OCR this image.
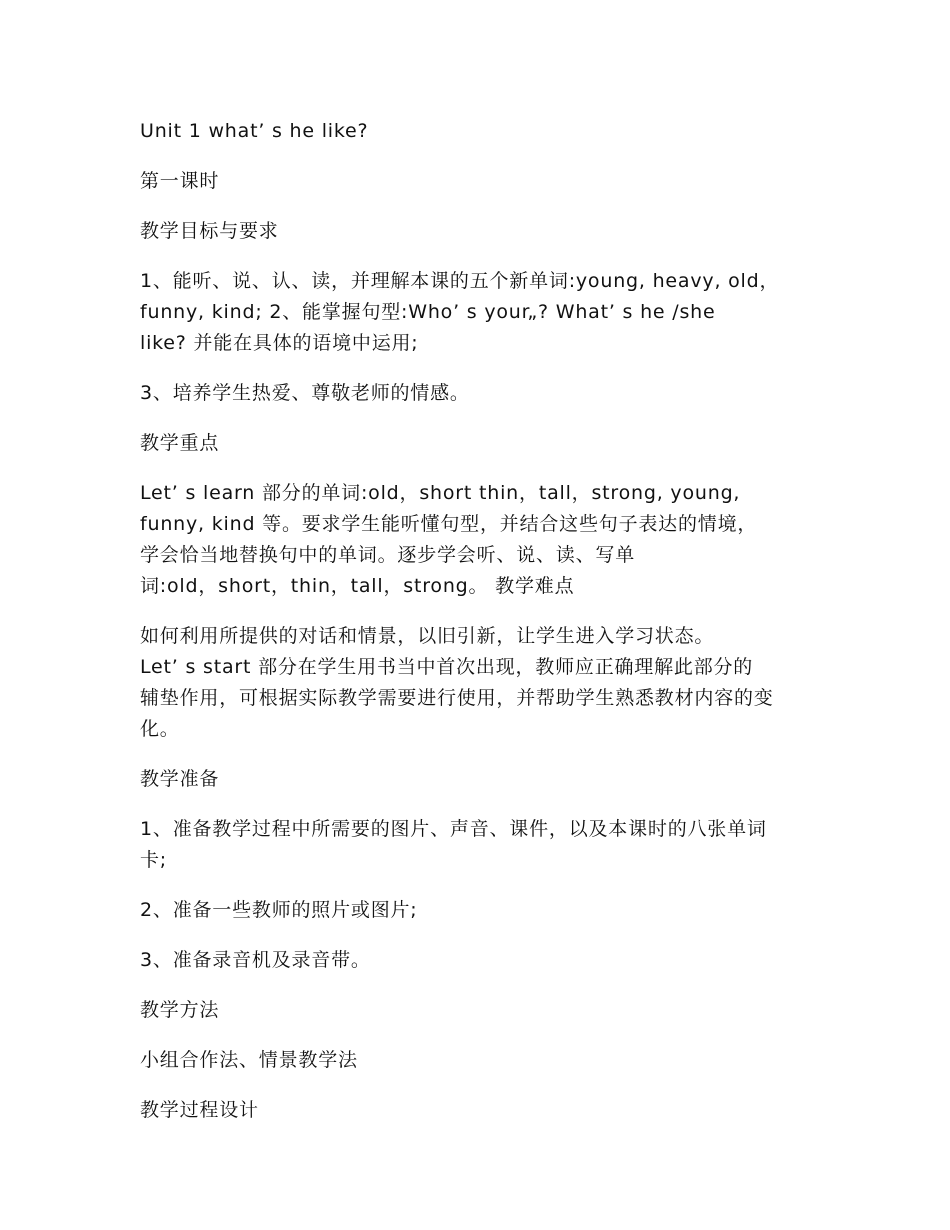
Unit 1 what’ s he like?

第一课时

教学目标与要求

1、能听、说、认、读，并理解本课的五个新单词:young, heavy, old，
funny, kind; 2、能掌握句型:Who’ s your„? What’ s he /she
like? 并能在具体的语境中运用;

3、培养学生热爱、尊敬老师的情感。

教学重点

Let’ s learn 部分的单词:old，short thin，tall，strong, young,
funny, kind 等。要求学生能听懂句型，并结合这些句子表达的情境，
学会恰当地替换句中的单词。逐步学会听、说、读、写单
词:old，short，thin，tall，strong。 教学难点

如何利用所提供的对话和情景，以旧引新，让学生进入学习状态。
Let’ s start 部分在学生用书当中首次出现，教师应正确理解此部分的
辅垫作用，可根据实际教学需要进行使用，并帮助学生熟悉教材内容的变
化。

教学准备

1、准备教学过程中所需要的图片、声音、课件，以及本课时的八张单词
卡;

2、准备一些教师的照片或图片;

3、准备录音机及录音带。

教学方法

小组合作法、情景教学法

教学过程设计
